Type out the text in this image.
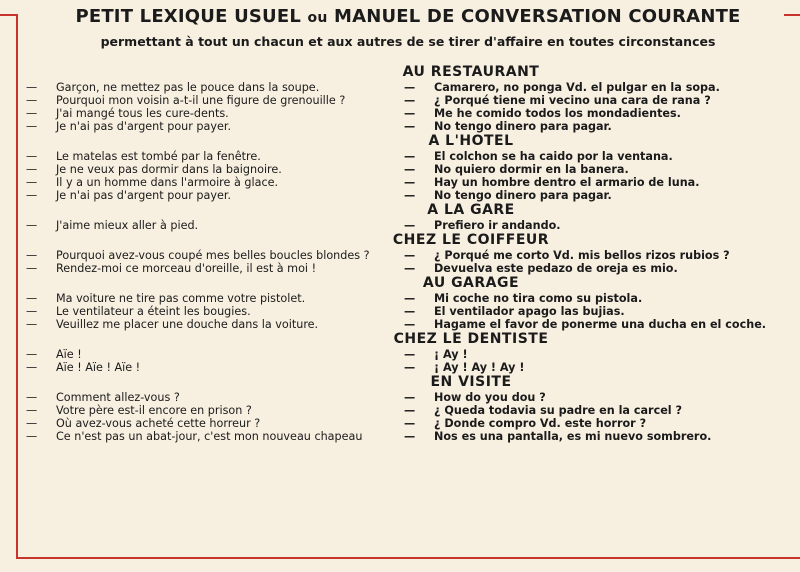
PETIT LEXIQUE USUEL ou MANUEL DE CONVERSATION COURANTE
permettant à tout un chacun et aux autres de se tirer d'affaire en toutes circonstances
AU RESTAURANT
—	Garçon, ne mettez pas le pouce dans la soupe.	—	Camarero, no ponga Vd. el pulgar en la sopa.
—	Pourquoi mon voisin a-t-il une figure de grenouille ?	—	¿ Porqué tiene mi vecino una cara de rana ?
—	J'ai mangé tous les cure-dents.	—	Me he comido todos los mondadientes.
—	Je n'ai pas d'argent pour payer.	—	No tengo dinero para pagar.
A L'HOTEL
—	Le matelas est tombé par la fenêtre.	—	El colchon se ha caido por la ventana.
—	Je ne veux pas dormir dans la baignoire.	—	No quiero dormir en la banera.
—	Il y a un homme dans l'armoire à glace.	—	Hay un hombre dentro el armario de luna.
—	Je n'ai pas d'argent pour payer.	—	No tengo dinero para pagar.
A LA GARE
—	J'aime mieux aller à pied.	—	Prefiero ir andando.
CHEZ LE COIFFEUR
—	Pourquoi avez-vous coupé mes belles boucles blondes ?	—	¿ Porqué me corto Vd. mis bellos rizos rubios ?
—	Rendez-moi ce morceau d'oreille, il est à moi !	—	Devuelva este pedazo de oreja es mio.
AU GARAGE
—	Ma voiture ne tire pas comme votre pistolet.	—	Mi coche no tira como su pistola.
—	Le ventilateur a éteint les bougies.	—	El ventilador apago las bujias.
—	Veuillez me placer une douche dans la voiture.	—	Hagame el favor de ponerme una ducha en el coche.
CHEZ LE DENTISTE
—	Aïe !	—	¡ Ay !
—	Aïe ! Aïe ! Aïe !	—	¡ Ay ! Ay ! Ay !
EN VISITE
—	Comment allez-vous ?	—	How do you dou ?
—	Votre père est-il encore en prison ?	—	¿ Queda todavia su padre en la carcel ?
—	Où avez-vous acheté cette horreur ?	—	¿ Donde compro Vd. este horror ?
—	Ce n'est pas un abat-jour, c'est mon nouveau chapeau	—	Nos es una pantalla, es mi nuevo sombrero.
